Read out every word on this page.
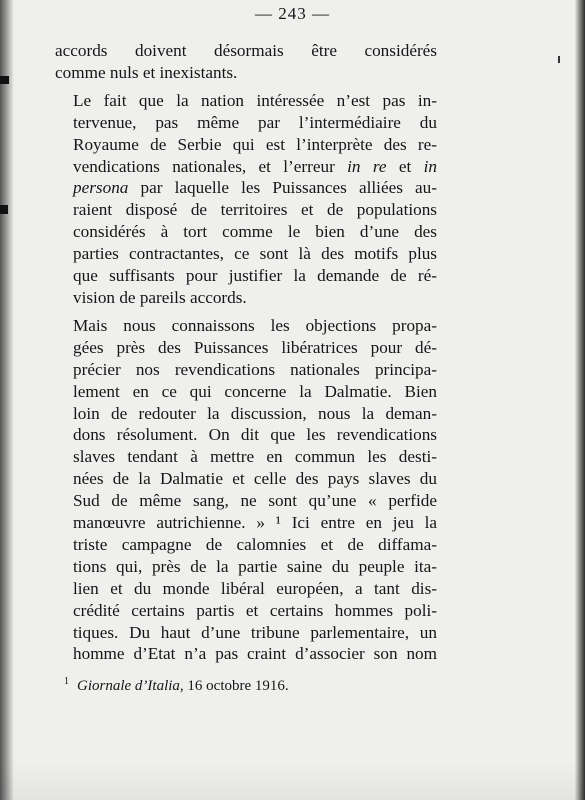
— 243 —

accords doivent désormais être considérés
comme nuls et inexistants.

Le fait que la nation intéressée n’est pas in-
tervenue, pas même par l’intermédiaire du
Royaume de Serbie qui est l’interprète des re-
vendications nationales, et l’erreur in re et in
persona par laquelle les Puissances alliées au-
raient disposé de territoires et de populations
considérés à tort comme le bien d’une des
parties contractantes, ce sont là des motifs plus
que suffisants pour justifier la demande de ré-
vision de pareils accords.

Mais nous connaissons les objections propa-
gées près des Puissances libératrices pour dé-
précier nos revendications nationales principa-
lement en ce qui concerne la Dalmatie. Bien
loin de redouter la discussion, nous la deman-
dons résolument. On dit que les revendications
slaves tendant à mettre en commun les desti-
nées de la Dalmatie et celle des pays slaves du
Sud de même sang, ne sont qu’une « perfide
manœuvre autrichienne. » ¹ Ici entre en jeu la
triste campagne de calomnies et de diffama-
tions qui, près de la partie saine du peuple ita-
lien et du monde libéral européen, a tant dis-
crédité certains partis et certains hommes poli-
tiques. Du haut d’une tribune parlementaire, un
homme d’Etat n’a pas craint d’associer son nom

$^1$ Giornale d’Italia, 16 octobre 1916.
